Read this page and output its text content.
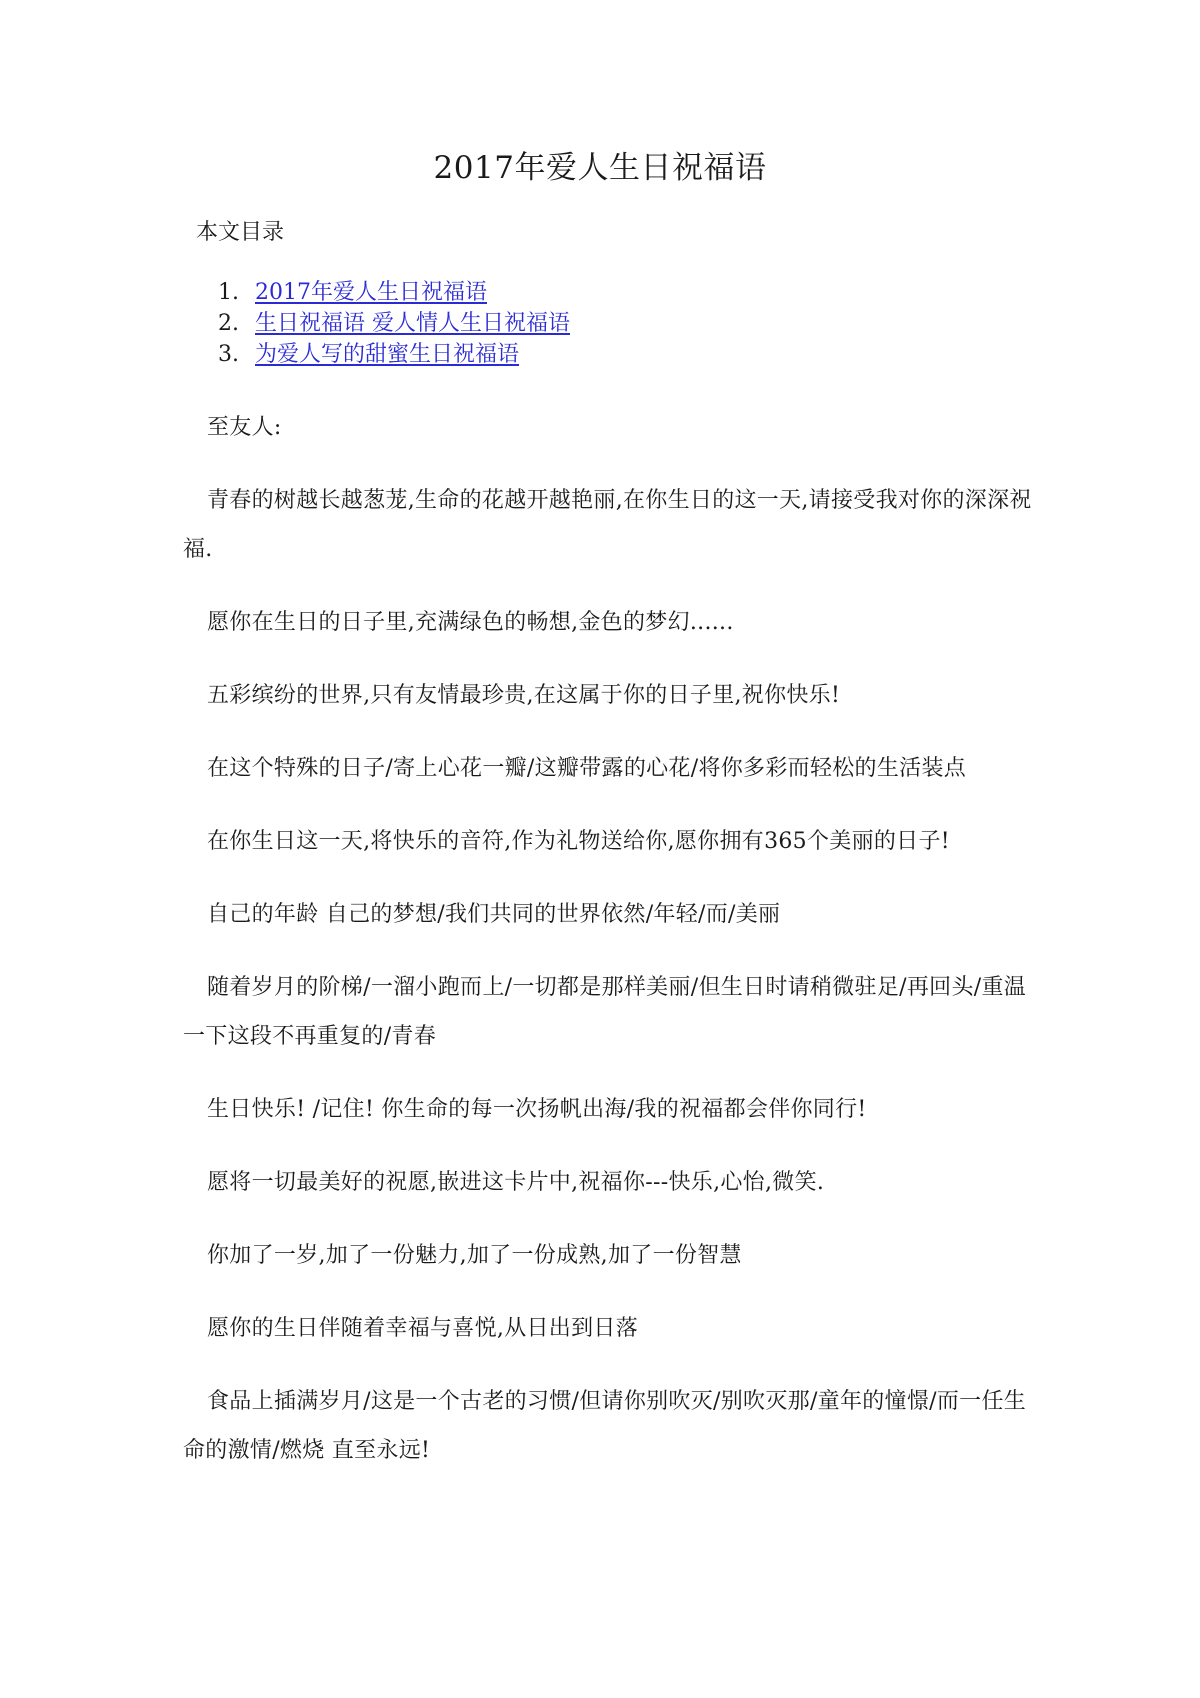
2017年爱人生日祝福语
本文目录
1. 2017年爱人生日祝福语
2. 生日祝福语 爱人情人生日祝福语
3. 为爱人写的甜蜜生日祝福语

至友人:

青春的树越长越葱茏,生命的花越开越艳丽,在你生日的这一天,请接受我对你的深深祝福.

愿你在生日的日子里,充满绿色的畅想,金色的梦幻......

五彩缤纷的世界,只有友情最珍贵,在这属于你的日子里,祝你快乐!

在这个特殊的日子/寄上心花一瓣/这瓣带露的心花/将你多彩而轻松的生活装点

在你生日这一天,将快乐的音符,作为礼物送给你,愿你拥有365个美丽的日子!

自己的年龄 自己的梦想/我们共同的世界依然/年轻/而/美丽

随着岁月的阶梯/一溜小跑而上/一切都是那样美丽/但生日时请稍微驻足/再回头/重温一下这段不再重复的/青春

生日快乐! /记住! 你生命的每一次扬帆出海/我的祝福都会伴你同行!

愿将一切最美好的祝愿,嵌进这卡片中,祝福你---快乐,心怡,微笑.

你加了一岁,加了一份魅力,加了一份成熟,加了一份智慧

愿你的生日伴随着幸福与喜悦,从日出到日落

食品上插满岁月/这是一个古老的习惯/但请你别吹灭/别吹灭那/童年的憧憬/而一任生命的激情/燃烧 直至永远!
